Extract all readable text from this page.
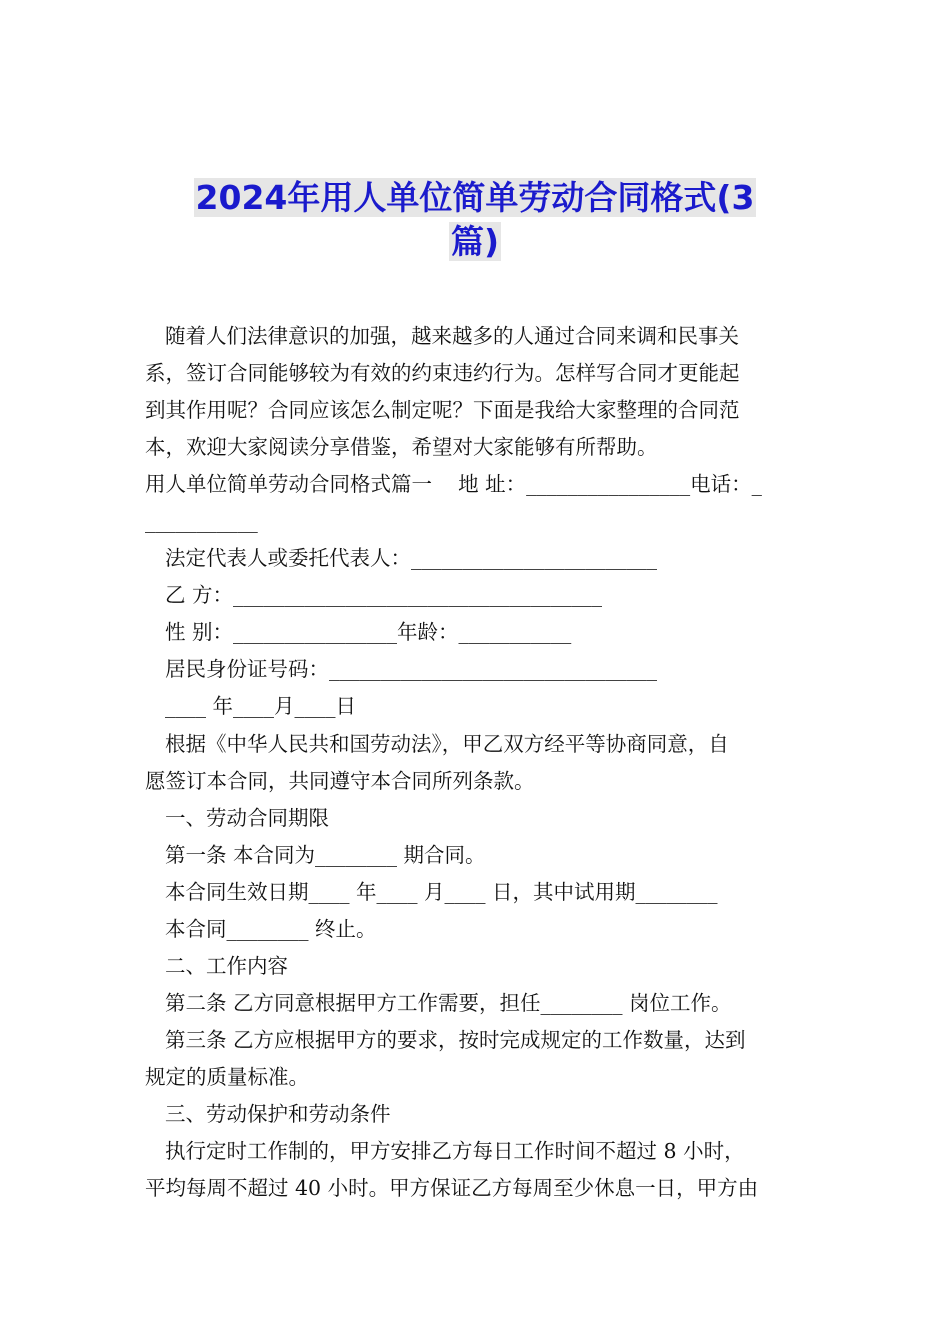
2024年用人单位简单劳动合同格式(3
篇)
随着人们法律意识的加强，越来越多的人通过合同来调和民事关
系，签订合同能够较为有效的约束违约行为。怎样写合同才更能起
到其作用呢？合同应该怎么制定呢？下面是我给大家整理的合同范
本，欢迎大家阅读分享借鉴，希望对大家能够有所帮助。
用人单位简单劳动合同格式篇一    地 址：________________电话：_
___________
法定代表人或委托代表人：________________________
乙 方：____________________________________
性 别：________________年龄：___________
居民身份证号码：________________________________
____ 年____月____日
根据《中华人民共和国劳动法》，甲乙双方经平等协商同意，自
愿签订本合同，共同遵守本合同所列条款。
一、劳动合同期限
第一条 本合同为________ 期合同。
本合同生效日期____ 年____ 月____ 日，其中试用期________
本合同________ 终止。
二、工作内容
第二条 乙方同意根据甲方工作需要，担任________ 岗位工作。
第三条 乙方应根据甲方的要求，按时完成规定的工作数量，达到
规定的质量标准。
三、劳动保护和劳动条件
执行定时工作制的，甲方安排乙方每日工作时间不超过 8 小时，
平均每周不超过 40 小时。甲方保证乙方每周至少休息一日，甲方由
